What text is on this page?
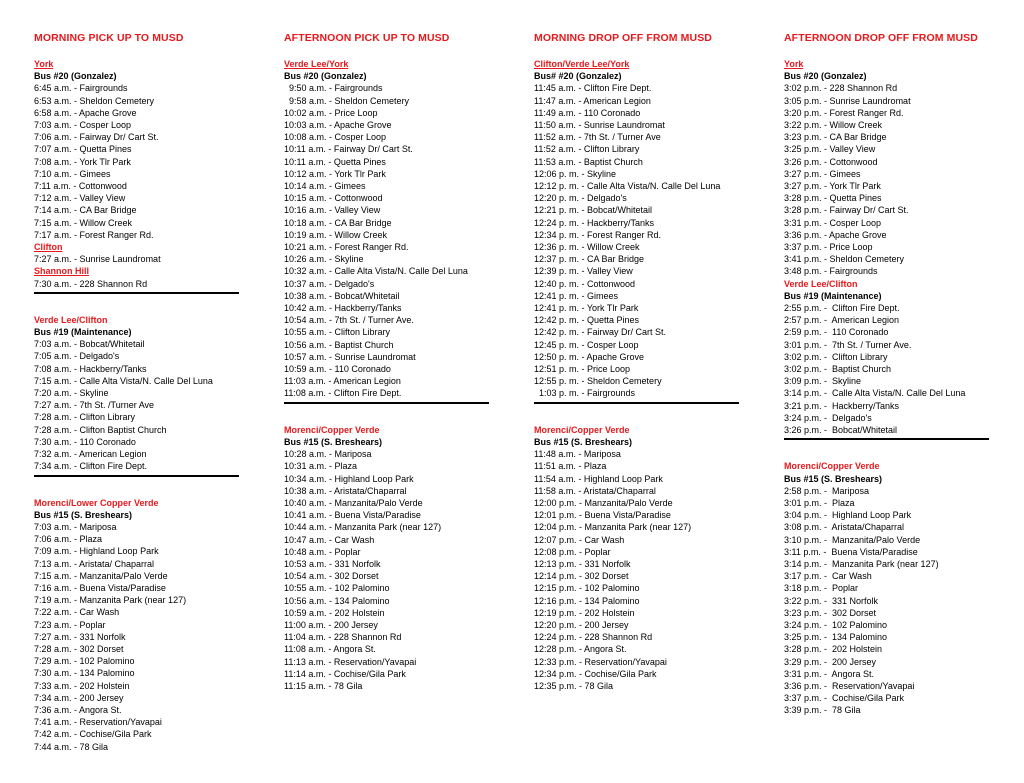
MORNING PICK UP TO MUSD
York
Bus #20 (Gonzalez)
6:45 a.m. - Fairgrounds
6:53 a.m. - Sheldon Cemetery
6:58 a.m. - Apache Grove
7:03 a.m. - Cosper Loop
7:06 a.m. - Fairway Dr/ Cart St.
7:07 a.m. - Quetta Pines
7:08 a.m. - York Tlr Park
7:10 a.m. - Gimees
7:11 a.m. - Cottonwood
7:12 a.m. - Valley View
7:14 a.m. - CA Bar Bridge
7:15 a.m. - Willow Creek
7:17 a.m. - Forest Ranger Rd.
Clifton
7:27 a.m. - Sunrise Laundromat
Shannon Hill
7:30 a.m. - 228 Shannon Rd
Verde Lee/Clifton
Bus #19 (Maintenance)
7:03 a.m. - Bobcat/Whitetail
7:05 a.m. - Delgado's
7:08 a.m. - Hackberry/Tanks
7:15 a.m. - Calle Alta Vista/N. Calle Del Luna
7:20 a.m. - Skyline
7:27 a.m. - 7th St. /Turner Ave
7:28 a.m. - Clifton Library
7:28 a.m. - Clifton Baptist Church
7:30 a.m. - 110 Coronado
7:32 a.m. - American Legion
7:34 a.m. - Clifton Fire Dept.
Morenci/Lower Copper Verde
Bus #15 (S. Breshears)
7:03 a.m. - Mariposa
7:06 a.m. - Plaza
7:09 a.m. - Highland Loop Park
7:13 a.m. - Aristata/ Chaparral
7:15 a.m. - Manzanita/Palo Verde
7:16 a.m. - Buena Vista/Paradise
7:19 a.m. - Manzanita Park (near 127)
7:22 a.m. - Car Wash
7:23 a.m. - Poplar
7:27 a.m. - 331 Norfolk
7:28 a.m. - 302 Dorset
7:29 a.m. - 102 Palomino
7:30 a.m. - 134 Palomino
7:33 a.m. - 202 Holstein
7:34 a.m. - 200 Jersey
7:36 a.m. - Angora St.
7:41 a.m. - Reservation/Yavapai
7:42 a.m. - Cochise/Gila Park
7:44 a.m. - 78 Gila
AFTERNOON PICK UP TO MUSD
Verde Lee/York
Bus #20 (Gonzalez)
9:50 a.m. - Fairgrounds
9:58 a.m. - Sheldon Cemetery
10:02 a.m. - Price Loop
10:03 a.m. - Apache Grove
10:08 a.m. - Cosper Loop
10:11 a.m. - Fairway Dr/ Cart St.
10:11 a.m. - Quetta Pines
10:12 a.m. - York Tlr Park
10:14 a.m. - Gimees
10:15 a.m. - Cottonwood
10:16 a.m. - Valley View
10:18 a.m. - CA Bar Bridge
10:19 a.m. - Willow Creek
10:21 a.m. - Forest Ranger Rd.
10:26 a.m. - Skyline
10:32 a.m. - Calle Alta Vista/N. Calle Del Luna
10:37 a.m. - Delgado's
10:38 a.m. - Bobcat/Whitetail
10:42 a.m. - Hackberry/Tanks
10:54 a.m. - 7th St. / Turner Ave.
10:55 a.m. - Clifton Library
10:56 a.m. - Baptist Church
10:57 a.m. - Sunrise Laundromat
10:59 a.m. - 110 Coronado
11:03 a.m. - American Legion
11:08 a.m. - Clifton Fire Dept.
Morenci/Copper Verde
Bus #15 (S. Breshears)
10:28 a.m. - Mariposa
10:31 a.m. - Plaza
10:34 a.m. - Highland Loop Park
10:38 a.m. - Aristata/Chaparral
10:40 a.m. - Manzanita/Palo Verde
10:41 a.m. - Buena Vista/Paradise
10:44 a.m. - Manzanita Park (near 127)
10:47 a.m. - Car Wash
10:48 a.m. - Poplar
10:53 a.m. - 331 Norfolk
10:54 a.m. - 302 Dorset
10:55 a.m. - 102 Palomino
10:56 a.m. - 134 Palomino
10:59 a.m. - 202 Holstein
11:00 a.m. - 200 Jersey
11:04 a.m. - 228 Shannon Rd
11:08 a.m. - Angora St.
11:13 a.m. - Reservation/Yavapai
11:14 a.m. - Cochise/Gila Park
11:15 a.m. - 78 Gila
MORNING DROP OFF FROM MUSD
Clifton/Verde Lee/York
Bus# #20 (Gonzalez)
11:45 a.m. - Clifton Fire Dept.
11:47 a.m. - American Legion
11:49 a.m. - 110 Coronado
11:50 a.m. - Sunrise Laundromat
11:52 a.m. - 7th St. / Turner Ave
11:52 a.m. - Clifton Library
11:53 a.m. - Baptist Church
12:06 p. m. - Skyline
12:12 p. m. - Calle Alta Vista/N. Calle Del Luna
12:20 p. m. - Delgado's
12:21 p. m. - Bobcat/Whitetail
12:24 p. m. - Hackberry/Tanks
12:34 p. m. - Forest Ranger Rd.
12:36 p. m. - Willow Creek
12:37 p. m. - CA Bar Bridge
12:39 p. m. - Valley View
12:40 p. m. - Cottonwood
12:41 p. m. - Gimees
12:41 p. m. - York Tlr Park
12:42 p. m. - Quetta Pines
12:42 p. m. - Fairway Dr/ Cart St.
12:45 p. m. - Cosper Loop
12:50 p. m. - Apache Grove
12:51 p. m. - Price Loop
12:55 p. m. - Sheldon Cemetery
1:03 p. m. - Fairgrounds
Morenci/Copper Verde
Bus #15 (S. Breshears)
11:48 a.m. - Mariposa
11:51 a.m. - Plaza
11:54 a.m. - Highland Loop Park
11:58 a.m. - Aristata/Chaparral
12:00 p.m. - Manzanita/Palo Verde
12:01 p.m. - Buena Vista/Paradise
12:04 p.m. - Manzanita Park (near 127)
12:07 p.m. - Car Wash
12:08 p.m. - Poplar
12:13 p.m. - 331 Norfolk
12:14 p.m. - 302 Dorset
12:15 p.m. - 102 Palomino
12:16 p.m. - 134 Palomino
12:19 p.m. - 202 Holstein
12:20 p.m. - 200 Jersey
12:24 p.m. - 228 Shannon Rd
12:28 p.m. - Angora St.
12:33 p.m. - Reservation/Yavapai
12:34 p.m. - Cochise/Gila Park
12:35 p.m. - 78 Gila
AFTERNOON DROP OFF FROM MUSD
York
Bus #20 (Gonzalez)
3:02 p.m. - 228 Shannon Rd
3:05 p.m. - Sunrise Laundromat
3:20 p.m. - Forest Ranger Rd.
3:22 p.m. - Willow Creek
3:23 p.m. - CA Bar Bridge
3:25 p.m. - Valley View
3:26 p.m. - Cottonwood
3:27 p.m. - Gimees
3:27 p.m. - York Tlr Park
3:28 p.m. - Quetta Pines
3:28 p.m. - Fairway Dr/ Cart St.
3:31 p.m. - Cosper Loop
3:36 p.m. - Apache Grove
3:37 p.m. - Price Loop
3:41 p.m. - Sheldon Cemetery
3:48 p.m. - Fairgrounds
Verde Lee/Clifton
Bus #19 (Maintenance)
2:55 p.m. -  Clifton Fire Dept.
2:57 p.m. -  American Legion
2:59 p.m. -  110 Coronado
3:01 p.m. -  7th St. / Turner Ave.
3:02 p.m. -  Clifton Library
3:02 p.m. -  Baptist Church
3:09 p.m. -  Skyline
3:14 p.m. -  Calle Alta Vista/N. Calle Del Luna
3:21 p.m. -  Hackberry/Tanks
3:24 p.m. -  Delgado's
3:26 p.m. -  Bobcat/Whitetail
Morenci/Copper Verde
Bus #15 (S. Breshears)
2:58 p.m. -  Mariposa
3:01 p.m. -  Plaza
3:04 p.m. -  Highland Loop Park
3:08 p.m. -  Aristata/Chaparral
3:10 p.m. -  Manzanita/Palo Verde
3:11 p.m. -  Buena Vista/Paradise
3:14 p.m. -  Manzanita Park (near 127)
3:17 p.m. -  Car Wash
3:18 p.m. -  Poplar
3:22 p.m. -  331 Norfolk
3:23 p.m. -  302 Dorset
3:24 p.m. -  102 Palomino
3:25 p.m. -  134 Palomino
3:28 p.m. -  202 Holstein
3:29 p.m. -  200 Jersey
3:31 p.m. -  Angora St.
3:36 p.m. -  Reservation/Yavapai
3:37 p.m. -  Cochise/Gila Park
3:39 p.m. -  78 Gila
